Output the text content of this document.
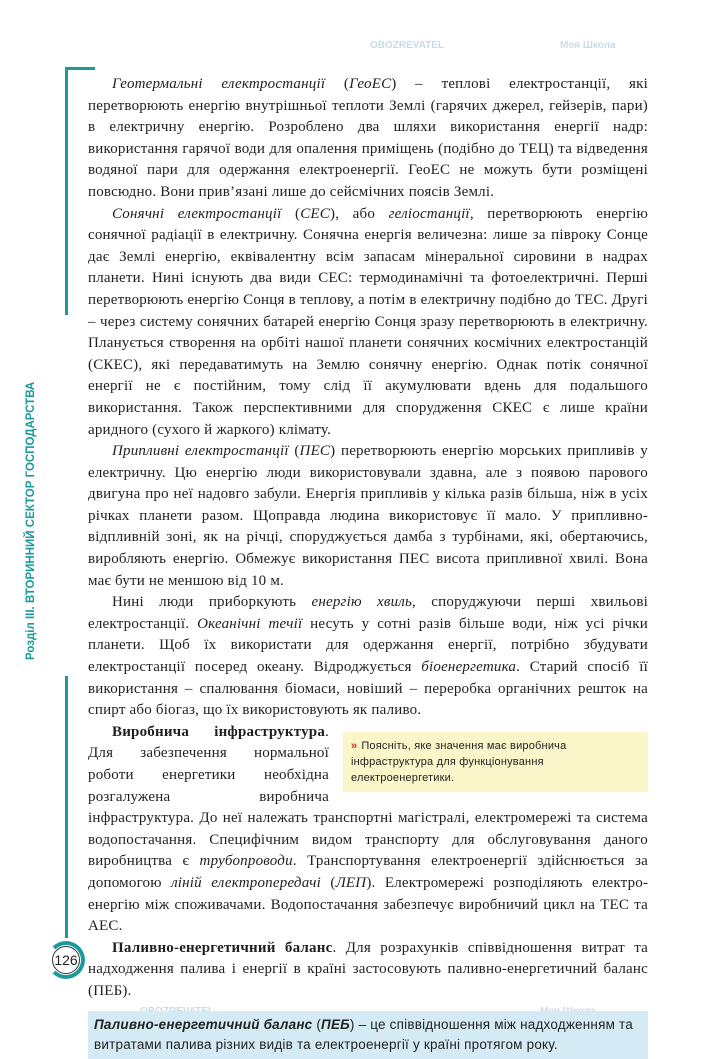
Розділ ІІІ. ВТОРИННИЙ СЕКТОР ГОСПОДАРСТВА
OBOZREVATEL	Моя Школа

Геотермальні електростанції (ГеоЕС) – теплові електростанції, які перетворюють енергію внутрішньої теплоти Землі (гарячих джерел, гейзерів, пари) в електричну енергію. Розроблено два шляхи використання енергії надр: використання гарячої води для опалення приміщень (подібно до ТЕЦ) та відведення водяної пари для одержання електроенергії. ГеоЕС не можуть бути розміщені повсюдно. Вони прив’язані лише до сейсмічних поясів Землі.

Сонячні електростанції (СЕС), або геліостанції, перетворюють енергію сонячної радіації в електричну. Сонячна енергія величезна: лише за півроку Сонце дає Землі енергію, еквівалентну всім запасам мінеральної сировини в надрах планети. Нині існують два види СЕС: термодинамічні та фотоелектричні. Перші перетворюють енергію Сонця в теплову, а потім в електричну подібно до ТЕС. Другі – через систему сонячних батарей енергію Сонця зразу перетворюють в електричну. Планується створення на орбіті нашої планети сонячних космічних електростанцій (СКЕС), які передаватимуть на Землю сонячну енергію. Однак потік сонячної енергії не є постійним, тому слід її акумулювати вдень для подальшого використання. Також перспективними для спорудження СКЕС є лише країни аридного (сухого й жаркого) клімату.

Припливні електростанції (ПЕС) перетворюють енергію морських припливів у електричну. Цю енергію люди використовували здавна, але з появою парового двигуна про неї надовго забули. Енергія припливів у кілька разів більша, ніж в усіх річках планети разом. Щоправда людина використовує її мало. У припливно-відпливній зоні, як на річці, споруджується дамба з турбінами, які, обертаючись, виробляють енергію. Обмежує використання ПЕС висота припливної хвилі. Вона має бути не меншою від 10 м.

Нині люди приборкують енергію хвиль, споруджуючи перші хвильові електростанції. Океанічні течії несуть у сотні разів більше води, ніж усі річки планети. Щоб їх використати для одержання енергії, потрібно збудувати електростанції посеред океану. Відроджується біоенергетика. Старий спосіб її використання – спалювання біомаси, новіший – переробка органічних решток на спирт або біогаз, що їх використовують як паливо.

» Поясніть, яке значення має виробнича інфраструктура для функціонування електроенергетики.
Виробнича інфраструктура. Для забезпечення нормальної роботи енергетики необхідна розгалужена виробнича інфраструктура. До неї належать транспортні магістралі, електромережі та система водопостачання. Специфічним видом транспорту для обслуговування даного виробництва є трубопроводи. Транспортування електроенергії здійснюється за допомогою ліній електропередачі (ЛЕП). Електромережі розподіляють електроенергію між споживачами. Водопостачання забезпечує виробничий цикл на ТЕС та АЕС.

Паливно-енергетичний баланс. Для розрахунків співвідношення витрат та надходження палива і енергії в країні застосовують паливно-енергетичний баланс (ПЕБ).

Паливно-енергетичний баланс (ПЕБ) – це співвідношення між надходженням та витратами палива різних видів та електроенергії у країні протягом року.
126
